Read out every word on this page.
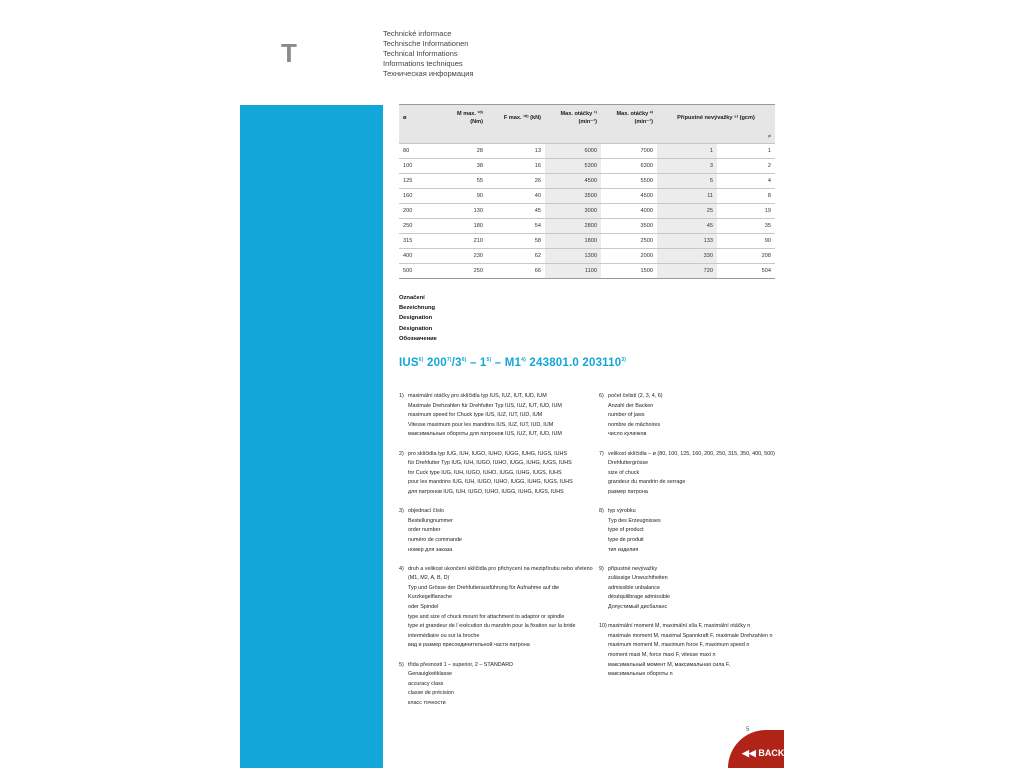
T
Technické informace
Technische Informationen
Technical Informations
Informations techniques
Техническая информация
ø	M max. ¹⁰⁾ (Nm)	F max. ¹⁰⁾ (kN)	Max. otáčky ¹⁾ (min⁻¹)	Max. otáčky ²⁾ (min⁻¹)	Přípustné nevývažky ⁹⁾ (gcm)	
						≠
80	28	13	6000	7000	1	1
100	38	16	5300	6300	3	2
125	55	26	4500	5500	5	4
160	90	40	3500	4500	11	8
200	130	45	3000	4000	25	19
250	180	54	2800	3500	45	35
315	210	58	1800	2500	133	90
400	230	62	1300	2000	330	208
500	250	66	1100	1500	720	504
Označení
Bezeichnung
Designation
Désignation
Обозначение
IUS$^{6)}$ 200$^{7)}$/3$^{6)}$ – 1$^{5)}$ – M1$^{4)}$ 243801.0 203110$^{3)}$
1) maximální otáčky pro sklíčidla typ IUS, IUZ, IUT, IUD, IUM
Maximale Drehzahlen für Drehfutter Typ IUS, IUZ, IUT, IUD, IUM
maximum speed for Chuck type IUS, IUZ, IUT, IUD, IUM
Vitesse maximum pour les mandrins IUS, IUZ, IUT, IUD, IUM
максимальные обороты для патронов IUS, IUZ, IUT, IUD, IUM
2) pro sklíčidla typ IUG, IUH, IUGO, IUHO, IUGG, IUHG, IUGS, IUHS
für Drehfutter Typ IUG, IUH, IUGO, IUHO, IUGG, IUHG, IUGS, IUHS
for Cuck type IUG, IUH, IUGO, IUHO, IUGG, IUHG, IUGS, IUHS
pour les mandrins IUG, IUH, IUGO, IUHO, IUGG, IUHG, IUGS, IUHS
для патронов IUG, IUH, IUGO, IUHO, IUGG, IUHG, IUGS, IUHS
3) objednací číslo
Bestellungnummer
order number
numéro de commande
номер для заказа
4) druh a velikost ukončení sklíčidla pro přichycení na mezipřírubu nebo vřeteno
(M1, M2, A, B, D)
Typ und Grösse der Drehfutterausführung für Aufnahme auf die Kurzkegelflansche
oder Spindel
type and size of chuck mount for attachment to adaptor or spindle
type et grandeur de l´exécution du mandrin pour la fixation sur la bride
intermédiaire ou sur la broche
вид и размер присоединительной части патрона
5) třída přesnosti 1 – superior, 2 – STANDARD
Genauigkeitklasse
accuracy class
classe de précision
класс точности
6) počet čelistí (2, 3, 4, 6)
Anzahl der Backen
number of jaws
nombre de mâchoires
число кулачков
7) velikost sklíčidla – ø (80, 100, 125, 160, 200, 250, 315, 350, 400, 500)
Drehfuttergrösse
size of chuck
grandeur du mandrin de serrage
размер патрона
8) typ výrobku
Typ des Erzeugnisses
type of product
type de produit
тип изделия
9) přípustné nevývažky
zulässige Unwuchtheiten
admissible unbalance
déséquilibrage admissible
Допустимый дисбаланс
10)maximální moment M, maximální síla F, maximální otáčky n
maximale moment M, maximal Spannkraft F, maximale Drehzahlen n
maximum moment M, maximum force F, maximum speed n
moment maxi M, force maxi F, vitesse maxi n
максимальный момент M, максимальная сила F,
максимальные обороты n
5
◀◀ BACK
